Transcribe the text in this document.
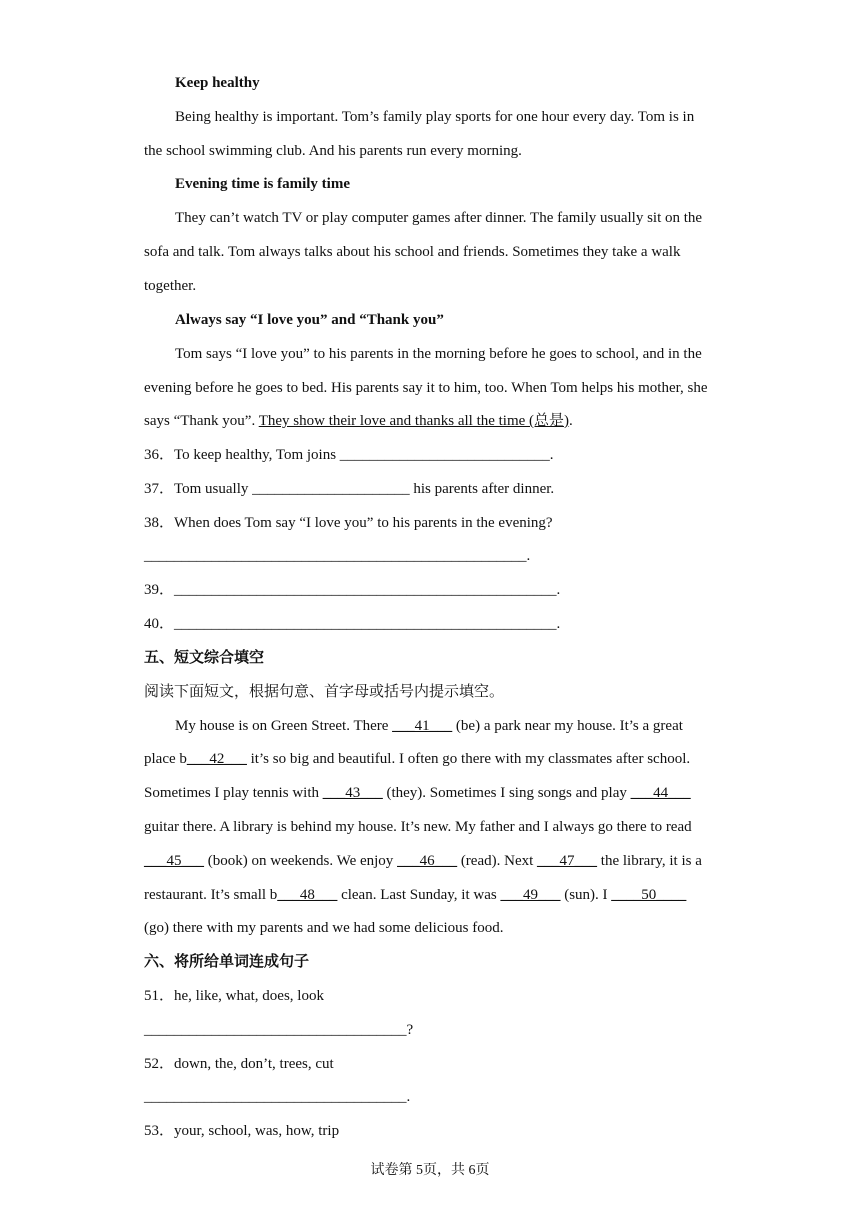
Keep healthy
Being healthy is important. Tom’s family play sports for one hour every day. Tom is in
the school swimming club. And his parents run every morning.
Evening time is family time
They can’t watch TV or play computer games after dinner. The family usually sit on the
sofa and talk. Tom always talks about his school and friends. Sometimes they take a walk
together.
Always say “I love you” and “Thank you”
Tom says “I love you” to his parents in the morning before he goes to school, and in the
evening before he goes to bed. His parents say it to him, too. When Tom helps his mother, she
says “Thank you”. They show their love and thanks all the time (总是).
36．To keep healthy, Tom joins ____________________________.
37．Tom usually _____________________ his parents after dinner.
38．When does Tom say “I love you” to his parents in the evening?
___________________________________________________.
39．___________________________________________________.
40．___________________________________________________.
五、短文综合填空
阅读下面短文，根据句意、首字母或括号内提示填空。
My house is on Green Street. There ___41___ (be) a park near my house. It’s a great
place b___42___ it’s so big and beautiful. I often go there with my classmates after school.
Sometimes I play tennis with ___43___ (they). Sometimes I sing songs and play ___44___
guitar there. A library is behind my house. It’s new. My father and I always go there to read
___45___ (book) on weekends. We enjoy ___46___ (read). Next ___47___ the library, it is a
restaurant. It’s small b___48___ clean. Last Sunday, it was ___49___ (sun). I ____50____
(go) there with my parents and we had some delicious food.
六、将所给单词连成句子
51．he, like, what, does, look
___________________________________?
52．down, the, don’t, trees, cut
___________________________________.
53．your, school, was, how, trip
试卷第 5页，共 6页
